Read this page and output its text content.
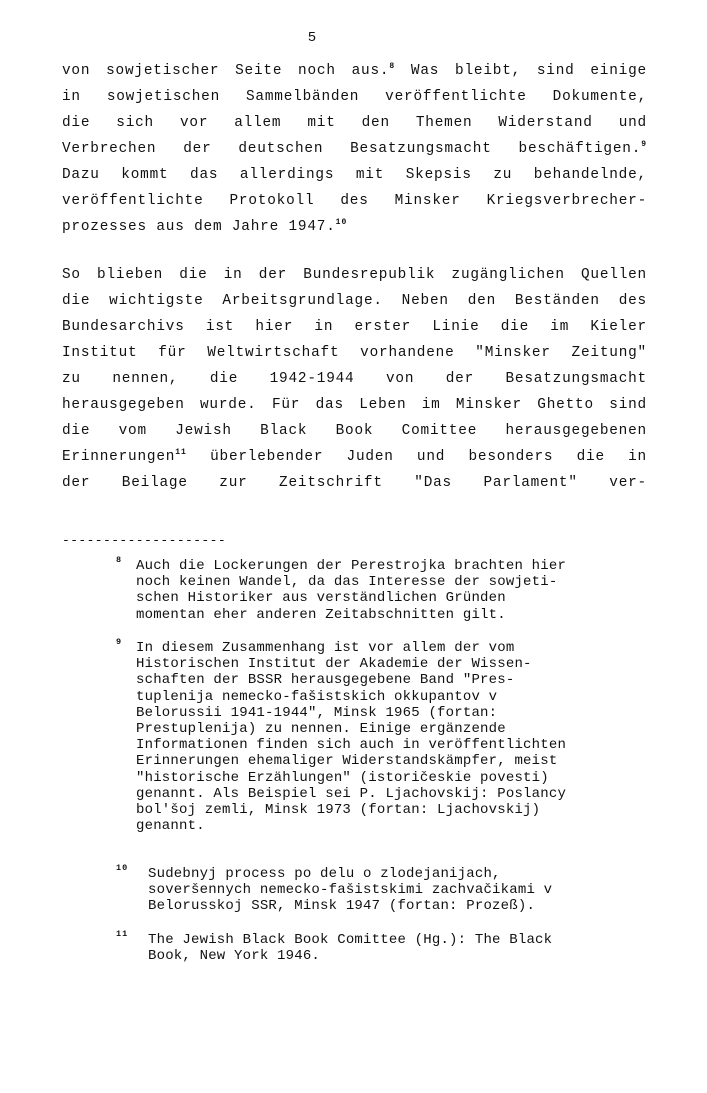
5
von sowjetischer Seite noch aus.$^8$ Was bleibt, sind einige
in sowjetischen Sammelbänden veröffentlichte Dokumente,
die sich vor allem mit den Themen Widerstand und
Verbrechen der deutschen Besatzungsmacht beschäftigen.$^9$
Dazu kommt das allerdings mit Skepsis zu behandelnde,
veröffentlichte Protokoll des Minsker Kriegsverbrecher-
prozesses aus dem Jahre 1947.10
So blieben die in der Bundesrepublik zugänglichen Quellen
die wichtigste Arbeitsgrundlage. Neben den Beständen des
Bundesarchivs ist hier in erster Linie die im Kieler
Institut für Weltwirtschaft vorhandene "Minsker Zeitung"
zu nennen, die 1942-1944 von der Besatzungsmacht
herausgegeben wurde. Für das Leben im Minsker Ghetto sind
die vom Jewish Black Book Comittee herausgegebenen
Erinnerungen$^{11}$ überlebender Juden und besonders die in
der Beilage zur Zeitschrift "Das Parlament" ver-
--------------------
8 Auch die Lockerungen der Perestrojka brachten hier
noch keinen Wandel, da das Interesse der sowjeti-
schen Historiker aus verständlichen Gründen
momentan eher anderen Zeitabschnitten gilt.
9 In diesem Zusammenhang ist vor allem der vom
Historischen Institut der Akademie der Wissen-
schaften der BSSR herausgegebene Band "Pres-
tuplenija nemecko-fašistskich okkupantov v
Belorussii 1941-1944", Minsk 1965 (fortan:
Prestuplenija) zu nennen. Einige ergänzende
Informationen finden sich auch in veröffentlichten
Erinnerungen ehemaliger Widerstandskämpfer, meist
"historische Erzählungen" (istoričeskie povesti)
genannt. Als Beispiel sei P. Ljachovskij: Poslancy
bol'šoj zemli, Minsk 1973 (fortan: Ljachovskij)
genannt.
10 Sudebnyj process po delu o zlodejanijach,
soveršennych nemecko-fašistskimi zachvačikami v
Belorusskoj SSR, Minsk 1947 (fortan: Prozeß).
11 The Jewish Black Book Comittee (Hg.): The Black
Book, New York 1946.
